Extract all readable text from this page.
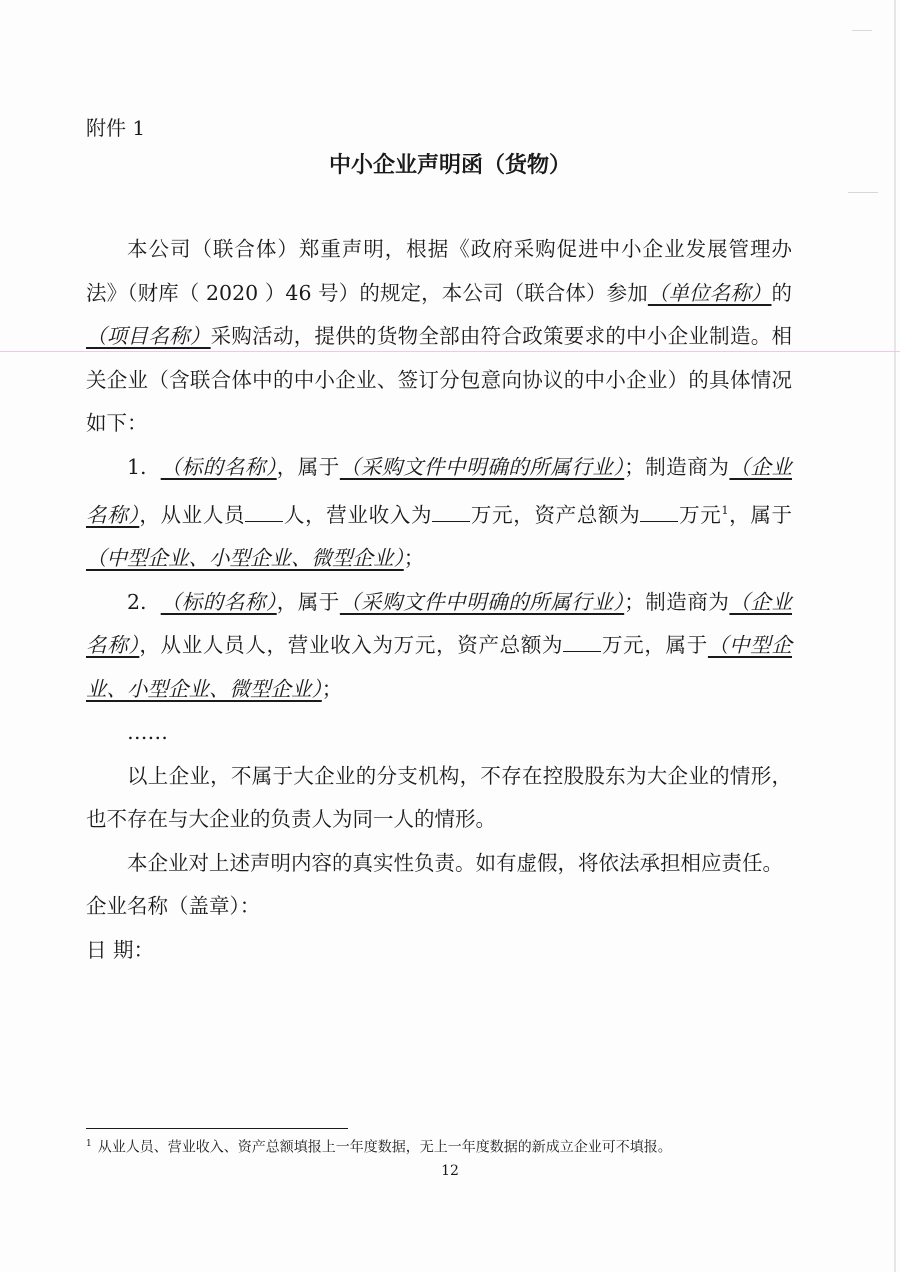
附件 1
中小企业声明函（货物）

本公司（联合体）郑重声明，根据《政府采购促进中小企业发展管理办法》（财库（ 2020 ）46 号）的规定，本公司（联合体）参加（单位名称）的（项目名称）采购活动，提供的货物全部由符合政策要求的中小企业制造。相关企业（含联合体中的中小企业、签订分包意向协议的中小企业）的具体情况如下：

1. （标的名称），属于（采购文件中明确的所属行业）；制造商为（企业名称），从业人员 人，营业收入为 万元，资产总额为 万元$^1$，属于（中型企业、小型企业、微型企业）；

2. （标的名称），属于（采购文件中明确的所属行业）；制造商为（企业名称），从业人员人，营业收入为万元，资产总额为 万元，属于（中型企业、小型企业、微型企业）；

……

以上企业，不属于大企业的分支机构，不存在控股股东为大企业的情形，也不存在与大企业的负责人为同一人的情形。

本企业对上述声明内容的真实性负责。如有虚假，将依法承担相应责任。

企业名称（盖章）：

日 期：

$^1$ 从业人员、营业收入、资产总额填报上一年度数据，无上一年度数据的新成立企业可不填报。
12
